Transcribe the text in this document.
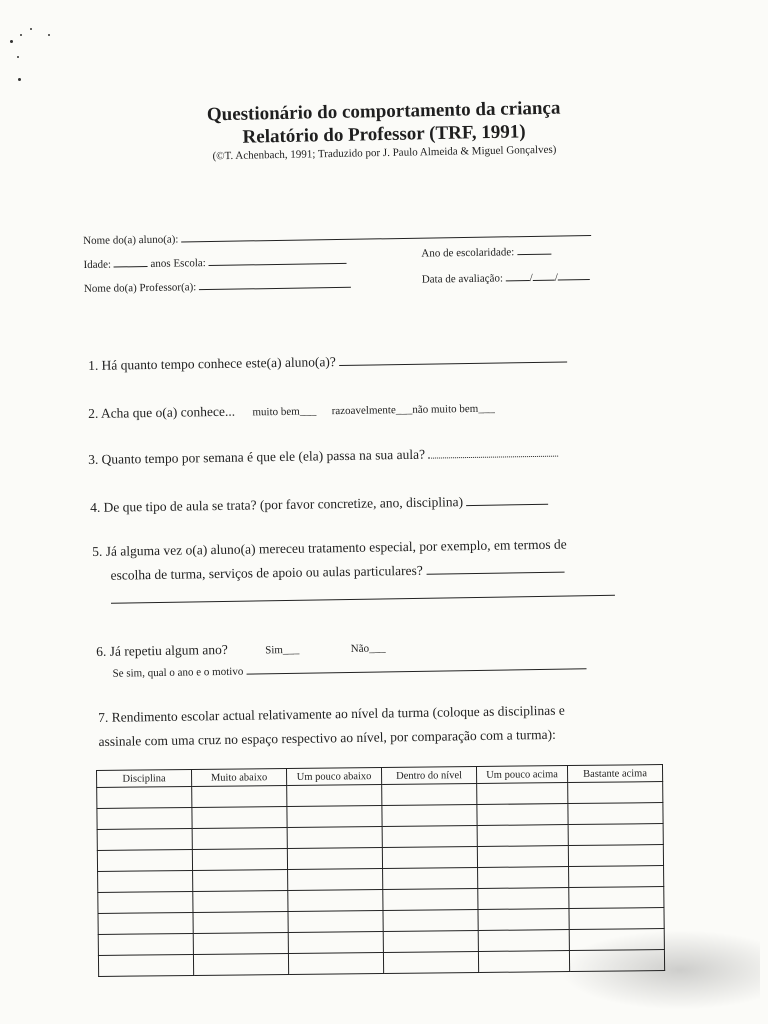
Questionário do comportamento da criança

Relatório do Professor (TRF, 1991)

(©T. Achenbach, 1991; Traduzido por J. Paulo Almeida & Miguel Gonçalves)

Nome do(a) aluno(a):
Idade:	anos Escola:
Ano de escolaridade:
Nome do(a) Professor(a):
Data de avaliação: / /
1. Há quanto tempo conhece este(a) aluno(a)?
2. Acha que o(a) conhece... muito bem___ razoavelmente___não muito bem___
3. Quanto tempo por semana é que ele (ela) passa na sua aula?
4. De que tipo de aula se trata? (por favor concretize, ano, disciplina)

5. Já alguma vez o(a) aluno(a) mereceu tratamento especial, por exemplo, em termos de

escolha de turma, serviços de apoio ou aulas particulares?

6. Já repetiu algum ano?	Sim___	Não___

Se sim, qual o ano e o motivo

7. Rendimento escolar actual relativamente ao nível da turma (coloque as disciplinas e

assinale com uma cruz no espaço respectivo ao nível, por comparação com a turma):

Disciplina	Muito abaixo	Um pouco abaixo	Dentro do nível	Um pouco acima	Bastante acima
